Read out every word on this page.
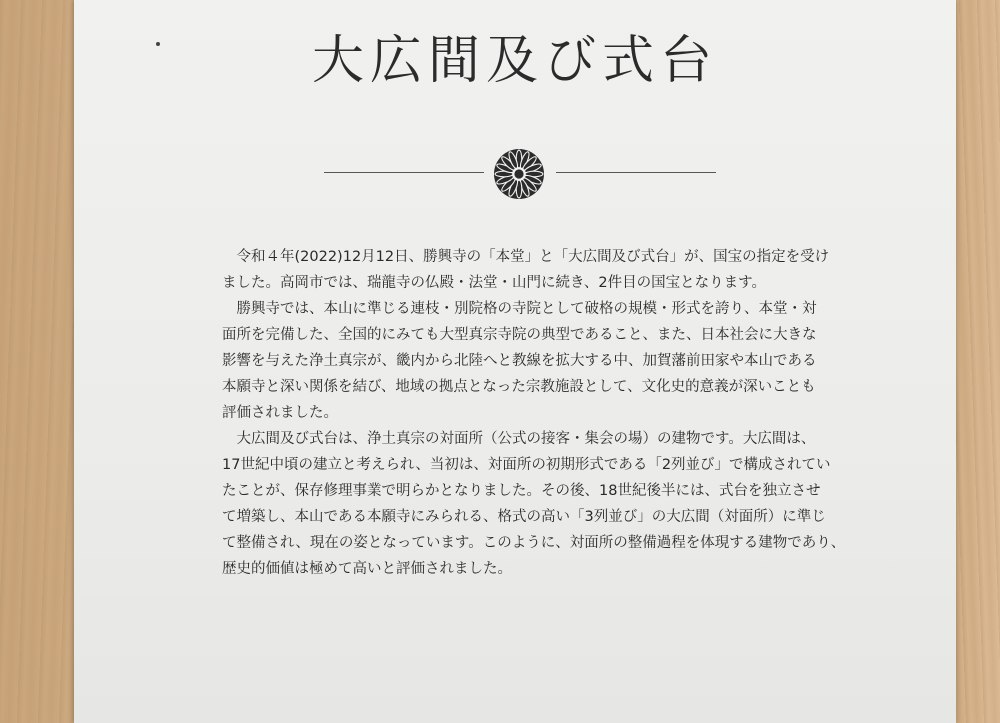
大広間及び式台
令和４年(2022)12月12日、勝興寺の「本堂」と「大広間及び式台」が、国宝の指定を受け
ました。高岡市では、瑞龍寺の仏殿・法堂・山門に続き、2件目の国宝となります。
勝興寺では、本山に準じる連枝・別院格の寺院として破格の規模・形式を誇り、本堂・対
面所を完備した、全国的にみても大型真宗寺院の典型であること、また、日本社会に大きな
影響を与えた浄土真宗が、畿内から北陸へと教線を拡大する中、加賀藩前田家や本山である
本願寺と深い関係を結び、地域の拠点となった宗教施設として、文化史的意義が深いことも
評価されました。
大広間及び式台は、浄土真宗の対面所（公式の接客・集会の場）の建物です。大広間は、
17世紀中頃の建立と考えられ、当初は、対面所の初期形式である「2列並び」で構成されてい
たことが、保存修理事業で明らかとなりました。その後、18世紀後半には、式台を独立させ
て増築し、本山である本願寺にみられる、格式の高い「3列並び」の大広間（対面所）に準じ
て整備され、現在の姿となっています。このように、対面所の整備過程を体現する建物であり、
歴史的価値は極めて高いと評価されました。
